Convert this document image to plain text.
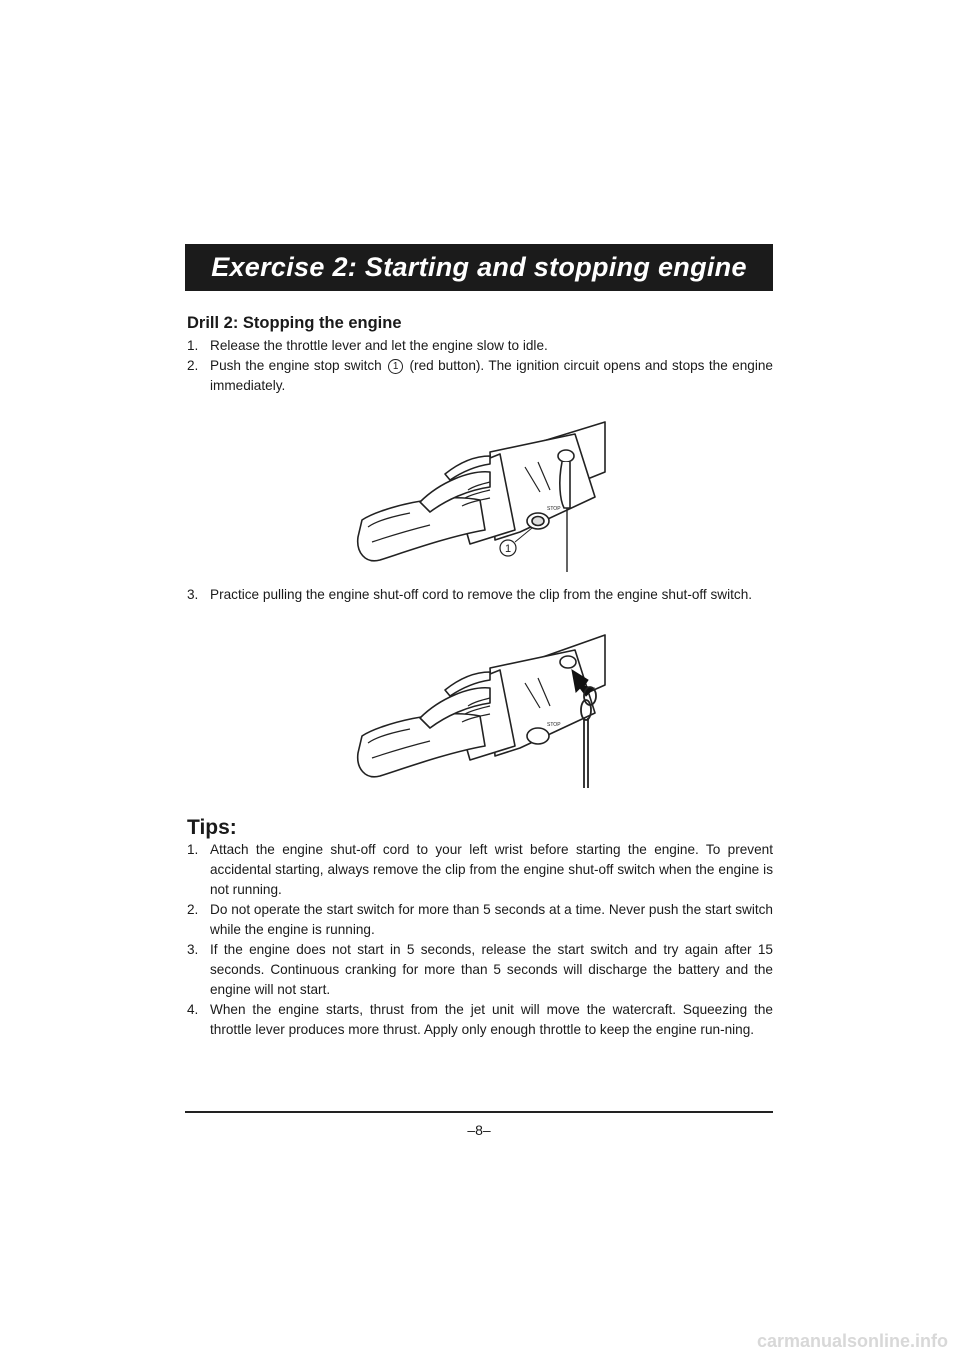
Exercise 2: Starting and stopping engine
Drill 2: Stopping the engine
1. Release the throttle lever and let the engine slow to idle.
2. Push the engine stop switch 1 (red button). The ignition circuit opens and stops the engine immediately.
STOP
1
3. Practice pulling the engine shut-off cord to remove the clip from the engine shut-off switch.
STOP
Tips:
1. Attach the engine shut-off cord to your left wrist before starting the engine. To prevent accidental starting, always remove the clip from the engine shut-off switch when the engine is not running.
2. Do not operate the start switch for more than 5 seconds at a time. Never push the start switch while the engine is running.
3. If the engine does not start in 5 seconds, release the start switch and try again after 15 seconds. Continuous cranking for more than 5 seconds will discharge the battery and the engine will not start.
4. When the engine starts, thrust from the jet unit will move the watercraft. Squeezing the throttle lever produces more thrust. Apply only enough throttle to keep the engine run-ning.
–8–
carmanualsonline.info
